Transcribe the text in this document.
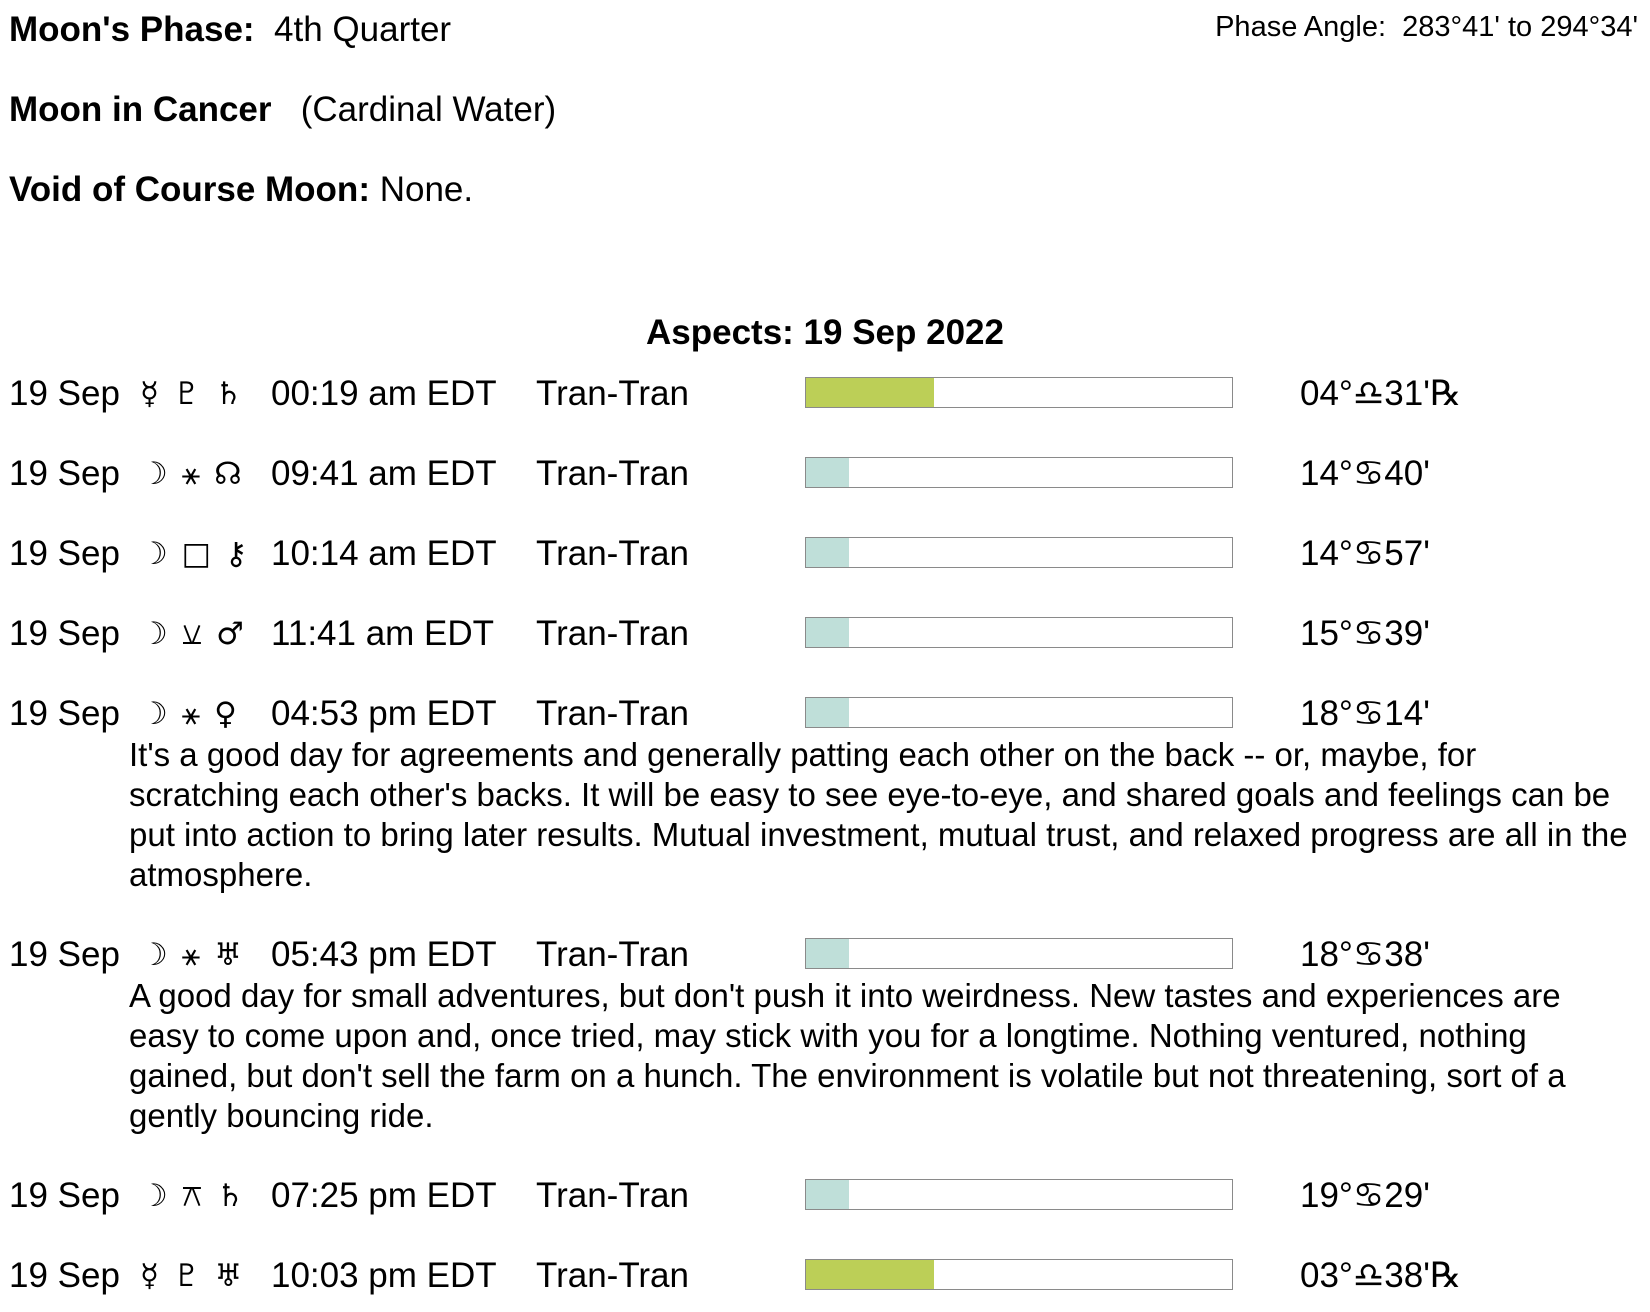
Moon's Phase: 4th Quarter	Phase Angle: 283°41' to 294°34'
Moon in Cancer (Cardinal Water)
Void of Course Moon: None.
Aspects: 19 Sep 2022
19 Sep ☿ ♇ ♄ 00:19 am EDT Tran-Tran	04°♎31'℞
19 Sep ☽ ⚹ ☊ 09:41 am EDT Tran-Tran	14°♋40'
19 Sep ☽ □ ⚷ 10:14 am EDT Tran-Tran	14°♋57'
19 Sep ☽ ⚺ ♂ 11:41 am EDT Tran-Tran	15°♋39'
19 Sep ☽ ⚹ ♀ 04:53 pm EDT Tran-Tran	18°♋14'
It's a good day for agreements and generally patting each other on the back -- or, maybe, for scratching each other's backs. It will be easy to see eye-to-eye, and shared goals and feelings can be put into action to bring later results. Mutual investment, mutual trust, and relaxed progress are all in the atmosphere.
19 Sep ☽ ⚹ ♅ 05:43 pm EDT Tran-Tran	18°♋38'
A good day for small adventures, but don't push it into weirdness. New tastes and experiences are easy to come upon and, once tried, may stick with you for a longtime. Nothing ventured, nothing gained, but don't sell the farm on a hunch. The environment is volatile but not threatening, sort of a gently bouncing ride.
19 Sep ☽ ⚻ ♄ 07:25 pm EDT Tran-Tran	19°♋29'
19 Sep ☿ ♇ ♅ 10:03 pm EDT Tran-Tran	03°♎38'℞
